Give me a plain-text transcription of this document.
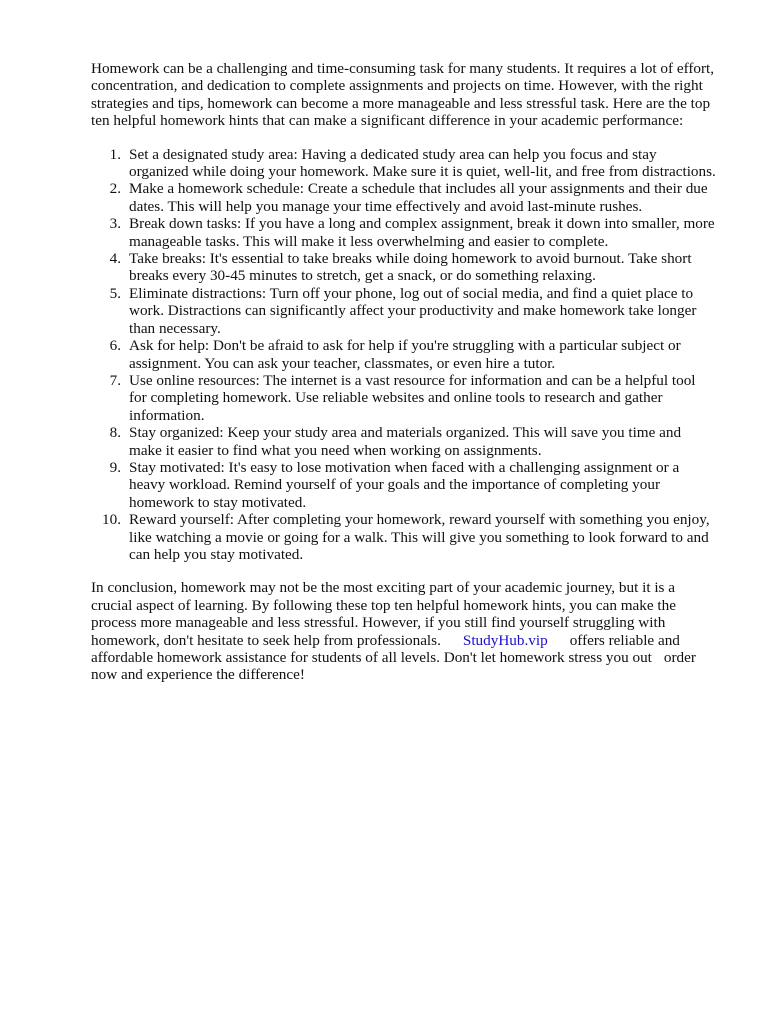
Homework can be a challenging and time-consuming task for many students. It requires a lot of effort, concentration, and dedication to complete assignments and projects on time. However, with the right strategies and tips, homework can become a more manageable and less stressful task. Here are the top ten helpful homework hints that can make a significant difference in your academic performance:

1. Set a designated study area: Having a dedicated study area can help you focus and stay organized while doing your homework. Make sure it is quiet, well-lit, and free from distractions.
2. Make a homework schedule: Create a schedule that includes all your assignments and their due dates. This will help you manage your time effectively and avoid last-minute rushes.
3. Break down tasks: If you have a long and complex assignment, break it down into smaller, more manageable tasks. This will make it less overwhelming and easier to complete.
4. Take breaks: It's essential to take breaks while doing homework to avoid burnout. Take short breaks every 30-45 minutes to stretch, get a snack, or do something relaxing.
5. Eliminate distractions: Turn off your phone, log out of social media, and find a quiet place to work. Distractions can significantly affect your productivity and make homework take longer than necessary.
6. Ask for help: Don't be afraid to ask for help if you're struggling with a particular subject or assignment. You can ask your teacher, classmates, or even hire a tutor.
7. Use online resources: The internet is a vast resource for information and can be a helpful tool for completing homework. Use reliable websites and online tools to research and gather information.
8. Stay organized: Keep your study area and materials organized. This will save you time and make it easier to find what you need when working on assignments.
9. Stay motivated: It's easy to lose motivation when faced with a challenging assignment or a heavy workload. Remind yourself of your goals and the importance of completing your homework to stay motivated.
10. Reward yourself: After completing your homework, reward yourself with something you enjoy, like watching a movie or going for a walk. This will give you something to look forward to and can help you stay motivated.

In conclusion, homework may not be the most exciting part of your academic journey, but it is a crucial aspect of learning. By following these top ten helpful homework hints, you can make the process more manageable and less stressful. However, if you still find yourself struggling with homework, don't hesitate to seek help from professionals. StudyHub.vip offers reliable and affordable homework assistance for students of all levels. Don't let homework stress you out order now and experience the difference!
